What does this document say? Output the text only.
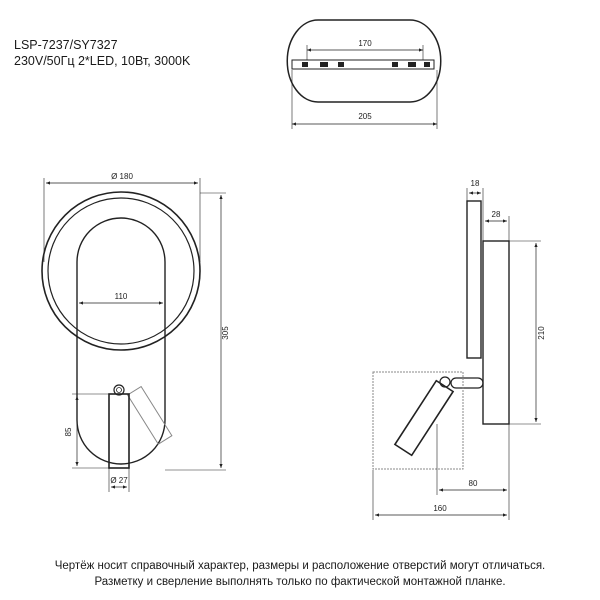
LSP-7237/SY7327
230V/50Гц 2*LED, 10Вт, 3000K
170
205
Ø 180
110
305
85
Ø 27
18
28
210
80
160
Чертёж носит справочный характер, размеры и расположение отверстий могут отличаться.
Разметку и сверление выполнять только по фактической монтажной планке.
